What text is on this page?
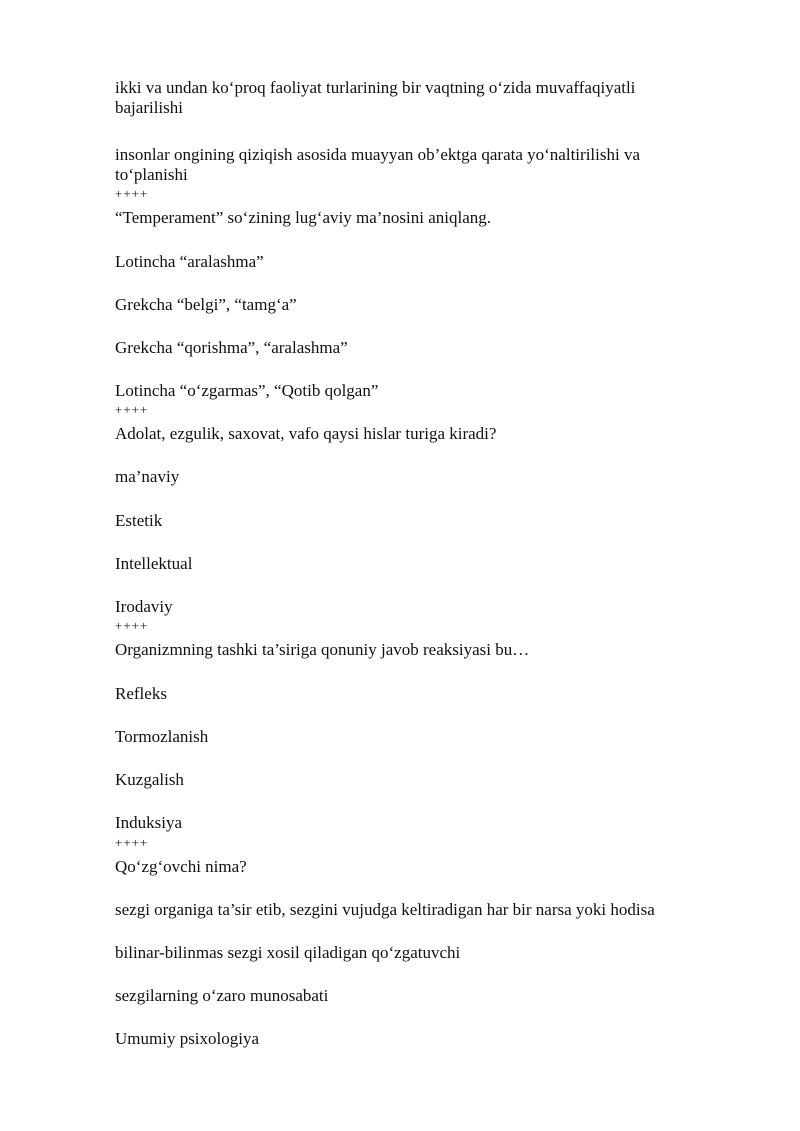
ikki va undan ko‘proq faoliyat turlarining bir vaqtning o‘zida muvaffaqiyatli bajarilishi
insonlar ongining qiziqish asosida muayyan ob’ektga qarata yo‘naltirilishi va to‘planishi
++++
“Temperament” so‘zining lug‘aviy ma’nosini aniqlang.
Lotincha “aralashma”
Grekcha “belgi”, “tamg‘a”
Grekcha “qorishma”, “aralashma”
Lotincha “o‘zgarmas”, “Qotib qolgan”
++++
Adolat, ezgulik, saxovat, vafo qaysi hislar turiga kiradi?
ma’naviy
Estetik
Intellektual
Irodaviy
++++
Organizmning tashki ta’siriga qonuniy javob reaksiyasi bu…
Refleks
Tormozlanish
Kuzgalish
Induksiya
++++
Qo‘zg‘ovchi nima?
sezgi organiga ta’sir etib, sezgini vujudga keltiradigan har bir narsa yoki hodisa
bilinar-bilinmas sezgi xosil qiladigan qo‘zgatuvchi
sezgilarning o‘zaro munosabati
Umumiy psixologiya
